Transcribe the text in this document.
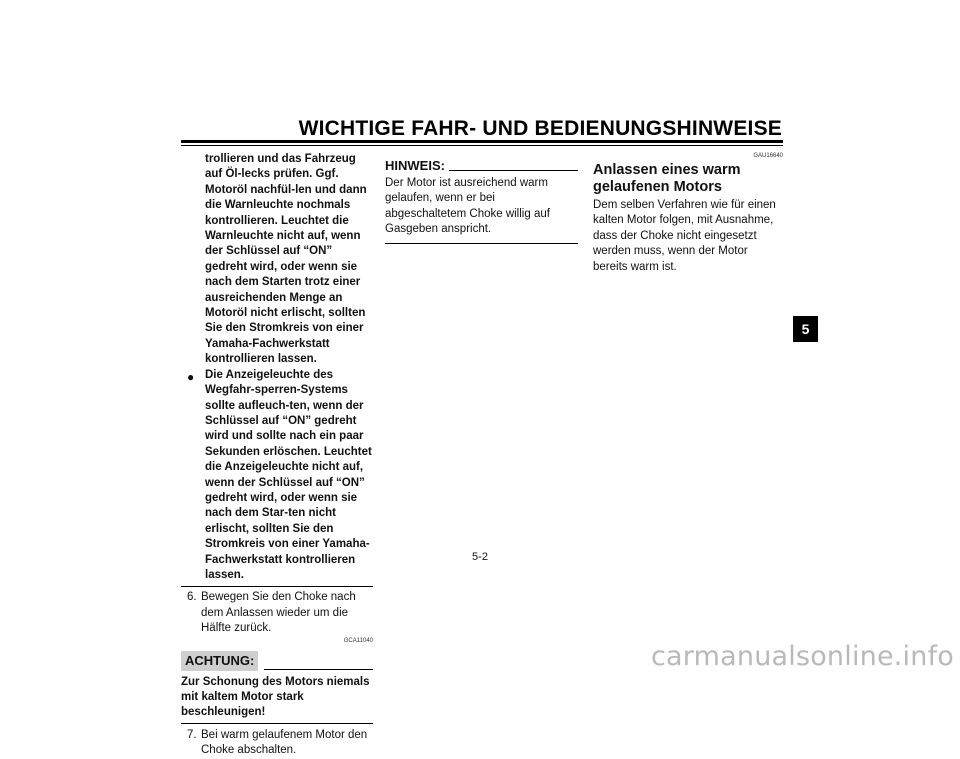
WICHTIGE FAHR- UND BEDIENUNGSHINWEISE
trollieren und das Fahrzeug auf Öl-lecks prüfen. Ggf. Motoröl nachfül-len und dann die Warnleuchte nochmals kontrollieren. Leuchtet die Warnleuchte nicht auf, wenn der Schlüssel auf “ON” gedreht wird, oder wenn sie nach dem Starten trotz einer ausreichenden Menge an Motoröl nicht erlischt, sollten Sie den Stromkreis von einer Yamaha-Fachwerkstatt kontrollieren lassen.
● Die Anzeigeleuchte des Wegfahr-sperren-Systems sollte aufleuch-ten, wenn der Schlüssel auf “ON” gedreht wird und sollte nach ein paar Sekunden erlöschen. Leuchtet die Anzeigeleuchte nicht auf, wenn der Schlüssel auf “ON” gedreht wird, oder wenn sie nach dem Star-ten nicht erlischt, sollten Sie den Stromkreis von einer Yamaha-Fachwerkstatt kontrollieren lassen.
6. Bewegen Sie den Choke nach dem Anlassen wieder um die Hälfte zurück.
GCA11040
ACHTUNG:
Zur Schonung des Motors niemals mit kaltem Motor stark beschleunigen!
7. Bei warm gelaufenem Motor den Choke abschalten.
HINWEIS:
Der Motor ist ausreichend warm gelaufen, wenn er bei abgeschaltetem Choke willig auf Gasgeben anspricht.
GAU16640
Anlassen eines warm gelaufenen Motors
Dem selben Verfahren wie für einen kalten Motor folgen, mit Ausnahme, dass der Choke nicht eingesetzt werden muss, wenn der Motor bereits warm ist.
5-2
5
carmanualsonline.info
